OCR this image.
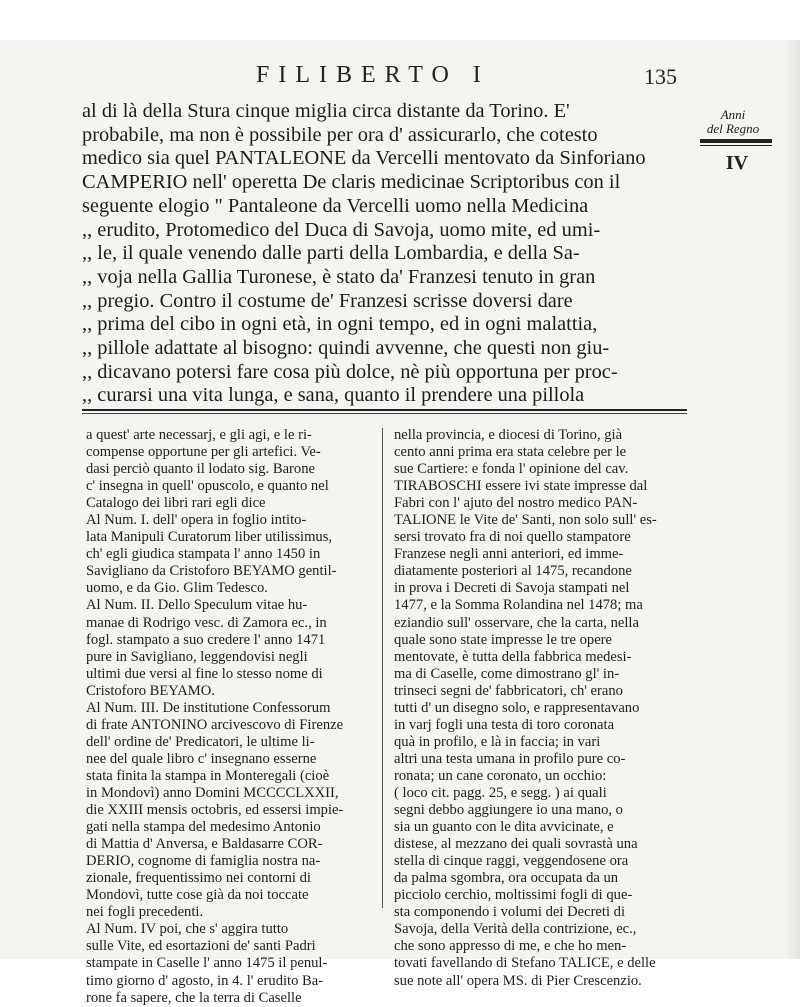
FILIBERTO I	135
Anni
del Regno
IV
al di là della Stura cinque miglia circa distante da Torino. E'
probabile, ma non è possibile per ora d' assicurarlo, che cotesto
medico sia quel PANTALEONE da Vercelli mentovato da Sinforiano
CAMPERIO nell' operetta De claris medicinae Scriptoribus con il
seguente elogio " Pantaleone da Vercelli uomo nella Medicina
,, erudito, Protomedico del Duca di Savoja, uomo mite, ed umi-
,, le, il quale venendo dalle parti della Lombardia, e della Sa-
,, voja nella Gallia Turonese, è stato da' Franzesi tenuto in gran
,, pregio. Contro il costume de' Franzesi scrisse doversi dare
,, prima del cibo in ogni età, in ogni tempo, ed in ogni malattia,
,, pillole adattate al bisogno: quindi avvenne, che questi non giu-
,, dicavano potersi fare cosa più dolce, nè più opportuna per proc-
,, curarsi una vita lunga, e sana, quanto il prendere una pillola
a quest' arte necessarj, e gli agi, e le ri-
compense opportune per gli artefici. Ve-
dasi perciò quanto il lodato sig. Barone
c' insegna in quell' opuscolo, e quanto nel
Catalogo dei libri rari egli dice
Al Num. I. dell' opera in foglio intito-
lata Manipuli Curatorum liber utilissimus,
ch' egli giudica stampata l' anno 1450 in
Savigliano da Cristoforo BEYAMO gentil-
uomo, e da Gio. Glim Tedesco.
Al Num. II. Dello Speculum vitae hu-
manae di Rodrigo vesc. di Zamora ec., in
fogl. stampato a suo credere l' anno 1471
pure in Savigliano, leggendovisi negli
ultimi due versi al fine lo stesso nome di
Cristoforo BEYAMO.
Al Num. III. De institutione Confessorum
di frate ANTONINO arcivescovo di Firenze
dell' ordine de' Predicatori, le ultime li-
nee del quale libro c' insegnano esserne
stata finita la stampa in Monteregali (cioè
in Mondovì) anno Domini MCCCCLXXII,
die XXIII mensis octobris, ed essersi impie-
gati nella stampa del medesimo Antonio
di Mattia d' Anversa, e Baldasarre COR-
DERIO, cognome di famiglia nostra na-
zionale, frequentissimo nei contorni di
Mondovì, tutte cose già da noi toccate
nei fogli precedenti.
Al Num. IV poi, che s' aggira tutto
sulle Vite, ed esortazioni de' santi Padri
stampate in Caselle l' anno 1475 il penul-
timo giorno d' agosto, in 4. l' erudito Ba-
rone fa sapere, che la terra di Caselle
nella provincia, e diocesi di Torino, già
cento anni prima era stata celebre per le
sue Cartiere: e fonda l' opinione del cav.
TIRABOSCHI essere ivi state impresse dal
Fabri con l' ajuto del nostro medico PAN-
TALIONE le Vite de' Santi, non solo sull' es-
sersi trovato fra di noi quello stampatore
Franzese negli anni anteriori, ed imme-
diatamente posteriori al 1475, recandone
in prova i Decreti di Savoja stampati nel
1477, e la Somma Rolandina nel 1478; ma
eziandio sull' osservare, che la carta, nella
quale sono state impresse le tre opere
mentovate, è tutta della fabbrica medesi-
ma di Caselle, come dimostrano gl' in-
trinseci segni de' fabbricatori, ch' erano
tutti d' un disegno solo, e rappresentavano
in varj fogli una testa di toro coronata
quà in profilo, e là in faccia; in vari
altri una testa umana in profilo pure co-
ronata; un cane coronato, un occhio:
( loco cit. pagg. 25, e segg. ) ai quali
segni debbo aggiungere io una mano, o
sia un guanto con le dita avvicinate, e
distese, al mezzano dei quali sovrastà una
stella di cinque raggi, veggendosene ora
da palma sgombra, ora occupata da un
picciolo cerchio, moltissimi fogli di que-
sta componendo i volumi dei Decreti di
Savoja, della Verità della contrizione, ec.,
che sono appresso di me, e che ho men-
tovati favellando di Stefano TALICE, e delle
sue note all' opera MS. di Pier Crescenzio.
